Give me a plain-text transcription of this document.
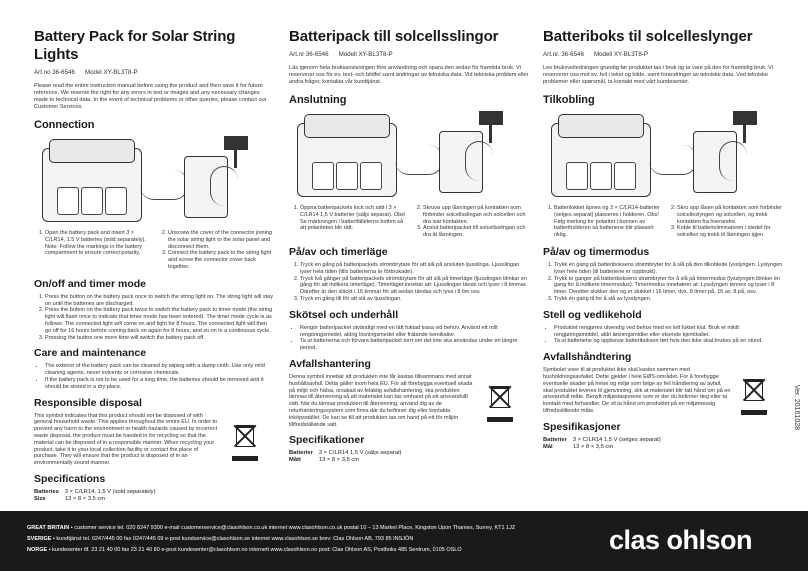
Battery Pack for Solar String Lights
Art.no 36-6546 Model XY-BL3T8-P

Please read the entire instruction manual before using the product and then save it for future reference. We reserve the right for any errors in text or images and any necessary changes made to technical data. In the event of technical problems or other queries, please contact our Customer Services.

Connection
1. Open the battery pack and insert 3 × C/LR14, 1.5 V batteries (sold separately). Note: Follow the markings in the battery compartment to ensure correct polarity.
2. Unscrew the cover of the connector joining the solar string light to the solar panel and disconnect them.
3. Connect the battery pack to the string light and screw the connector cover back together.
On/off and timer mode
1. Press the button on the battery pack once to switch the string light on. The string light will stay on until the batteries are discharged.
2. Press the button on the battery pack twice to switch the battery pack to timer mode (the string light will flash once to indicate that timer mode has been entered). The timer mode cycle is as follows: The connected light will come on and light for 8 hours. The connected light will then go off for 16 hours before coming back on again for 8 hours, and so on in a continuous cycle.
3. Pressing the button one more time will switch the battery pack off.
Care and maintenance
• The exterior of the battery pack can be cleaned by wiping with a damp cloth. Use only mild cleaning agents, never solvents or corrosive chemicals.
• If the battery pack is not to be used for a long time, the batteries should be removed and it should be stored in a dry place.
Responsible disposal

This symbol indicates that this product should not be disposed of with general household waste. This applies throughout the entire EU. In order to prevent any harm to the environment or health hazards caused by incorrect waste disposal, the product must be handed in for recycling so that the material can be disposed of in a responsible manner. When recycling your product, take it to your local collection facility or contact the place of purchase. They will ensure that the product is disposed of in an environmentally sound manner.

Specifications
Batteries	3 × C/LR14, 1.5 V (sold separately)
Size	13 × 8 × 3.5 cm
Batteripack till solcellsslingor
Art.nr 36-6546 Modell XY-BL3T8-P

Läs igenom hela bruksanvisningen före användning och spara den sedan för framtida bruk. Vi reserverar oss för ev. text- och bildfel samt ändringar av tekniska data. Vid tekniska problem eller andra frågor, kontakta vår kundtjänst.

Anslutning
1. Öppna batteripackets lock och sätt i 3 × C/LR14 1,5 V batterier (säljs separat). Obs! Se märkningen i batterifälleterns botten så att polariteten blir rätt.
2. Skruva upp låsningen på kontakten som förbinder solcellsslingan och solcellen och dra isär kontakten.
3. Anslut batteripacket till solcellsslingan och dra åt låsningen.
På/av och timerläge
1. Tryck en gång på batteripackets strömbrytare för att slå på ansluten ljusslinga. Ljusslingan lyser hela tiden (tills batterierna är förbrukade).
2. Tryck två gånger på batteripackets strömbrytare för att slå på timerläge (ljusslingan blinkar en gång för att indikera timerläge). Timerläget innebär att: Ljusslingan tänds och lyser i 8 timmar. Därefter är den släckt i 16 timmar för att sedan tändas och lysa i 8 tim osv.
3. Tryck en gång till för att slå av ljusslingan.
Skötsel och underhåll
• Rengör batteripacket utvändigt med en lätt fuktad trasa vid behov. Använd ett milt rengöringsmedel, aldrig lösningsmedel eller frätande kemikalier.
• Ta ut batterierna och förvara batteripacket torrt om det inte ska användas under en längre period.
Avfallshantering

Denna symbol innebär att produkten inte får kastas tillsammans med annat hushållsavfall. Detta gäller inom hela EU. För att förebygga eventuell skada på miljö och hälsa, orsakad av felaktig avfallshantering, ska produkten lämnas till återvinning så att materialet kan tas omhand på ett ansvarsfullt sätt. När du lämnar produkten till återvinning, använd dig av de returhanteringssystem som finns där du befinner dig eller kontakta inköpsstället. De kan se till att produkten tas om hand på ett för miljön tillfredställande sätt.

Specifikationer
Batterier	3 × C/LR14 1,5 V (säljs separat)
Mått	13 × 8 × 3,5 cm
Batteriboks til solcelleslynger
Art.nr. 36-6546 Modell XY-BL3T8-P

Les bruksveiledningen grundig før produktet tas i bruk og ta vare på den for framtidig bruk. Vi reserverer oss mot ev. feil i tekst og bilde, samt forandringer av tekniske data. Ved tekniske problemer eller spørsmål, ta kontakt med vårt kundesenter.

Tilkobling
1. Batterilokket åpnes og 3 × C/LR14-batterier (selges separat) plasseres i holderen. Obs! Følg merking for polaritet i bunnen av batteriholderen så batteriene blir plassert riktig.
2. Skru opp låsen på kontakten som forbinder solcelleslyngen og solcellen, og trekk kontakten fra hverandre.
3. Koble til batterieliminatoren i stedet for solcellen og trekk til låsningen igjen.
På/av og timermodus
1. Trykk én gang på batteriboksens strømbryter for å slå på den tilkoblede lysslyngen. Lyslyngen lyser hele tiden (til batteriene er oppbrukt).
2. Trykk to ganger på batteriboksens strømbryter for å slå på timermodus (lysslyngen blinker én gang for å indikere timermodus). Timermodus innebærer at: Lysslyngen tennes og lyser i 8 timer. Deretter slukker den og er slukket i 16 timer, dvs. 8 timer på, 16 av, 8 på, osv.
3. Trykk én gang til for å slå av lysslyngen.
Stell og vedlikehold
• Produktet rengjøres utvendig ved behov med en lett fuktet klut. Bruk et mildt rengjøringsmiddel, aldri løsningsmidler eller etsende kjemikalier.
• Ta ut batteriene og oppbevar batteriboksen tørt hvis den ikke skal brukes på en stund.
Avfallshåndtering

Symbolet viser til at produktet ikke skal kastes sammen med husholdningsavfallet. Dette gjelder i hele EØS-området. For å forebygge eventuelle skader på helse og miljø som følge av feil håndtering av avfall, skal produktet leveres til gjenvinning, slik at materialet blir tatt hånd om på en ansvarsfull måte. Benytt miljøstasjonene som er der du befinner deg eller ta kontakt med forhandler. De vil ta hånd om produktet på en miljømessig tilfredsstillende måte.

Spesifikasjoner
Batterier	3 × C/LR14 1,5 V (selges separat)
Mål	13 × 8 × 3,5 cm
Ver. 20161028
GREAT BRITAIN • customer service tel. 020 8247 9300 e-mail customerservice@clasohlson.co.uk internet www.clasohlson.co.uk postal 10 – 13 Market Place, Kingston Upon Thames, Surrey, KT1 1JZ
SVERIGE • kundtjänst tel. 0247/445 00 fax 0247/445 09 e-post kundservice@clasohlson.se internet www.clasohlson.se brev: Clas Ohlson AB, 793 85 INSJÖN
NORGE • kundesenter tlf. 23 21 40 00 fax 23 21 40 80 e-post kundesenter@clasohlson.no internett www.clasohlson.no post: Clas Ohlson AS, Postboks 485 Sentrum, 0105 OSLO	clas ohlson
